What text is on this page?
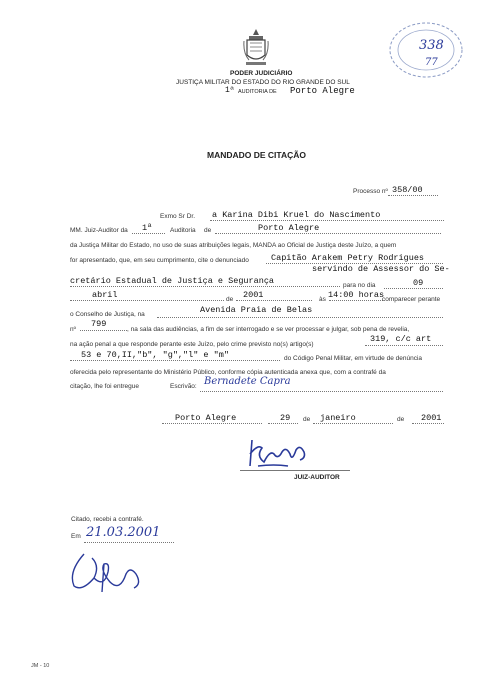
338
77
PODER JUDICIÁRIO
JUSTIÇA MILITAR DO ESTADO DO RIO GRANDE DO SUL
1ª AUDITORIA DE Porto Alegre
MANDADO DE CITAÇÃO
Processo nº 358/00
Exmo Sr Dr. a Karina Dibi Kruel do Nascimento
MM. Juiz-Auditor da 1ª	Auditoria de	Porto Alegre
da Justiça Militar do Estado, no uso de suas atribuições legais, MANDA ao Oficial de Justiça deste Juízo, a quem
for apresentado, que, em seu cumprimento, cite o denunciado	Capitão Arakem Petry Rodrigues
servindo de Assessor do Se-
cretário Estadual de Justiça e Segurança	para no dia	09
abril	de 2001	às 14:00 horas
comparecer perante
o Conselho de Justiça, na	Avenida Praia de Belas
nº
799
, na sala das audiências, a fim de ser interrogado e se ver processar e julgar, sob pena de revelia,
na ação penal a que responde perante este Juízo, pelo crime previsto no(s) artigo(s)
319, c/c art
53 e 70,II,"b", "g","l" e "m"	do Código Penal Militar, em virtude de denúncia
oferecida pelo representante do Ministério Público, conforme cópia autenticada anexa que, com a contrafé da
citação, lhe foi entregue	Escrivão: Bernadete Capra
Porto Alegre	29 de janeiro	de 2001
JUIZ-AUDITOR
Citado, recebi a contrafé.
Em 21.03.2001
JM - 10
